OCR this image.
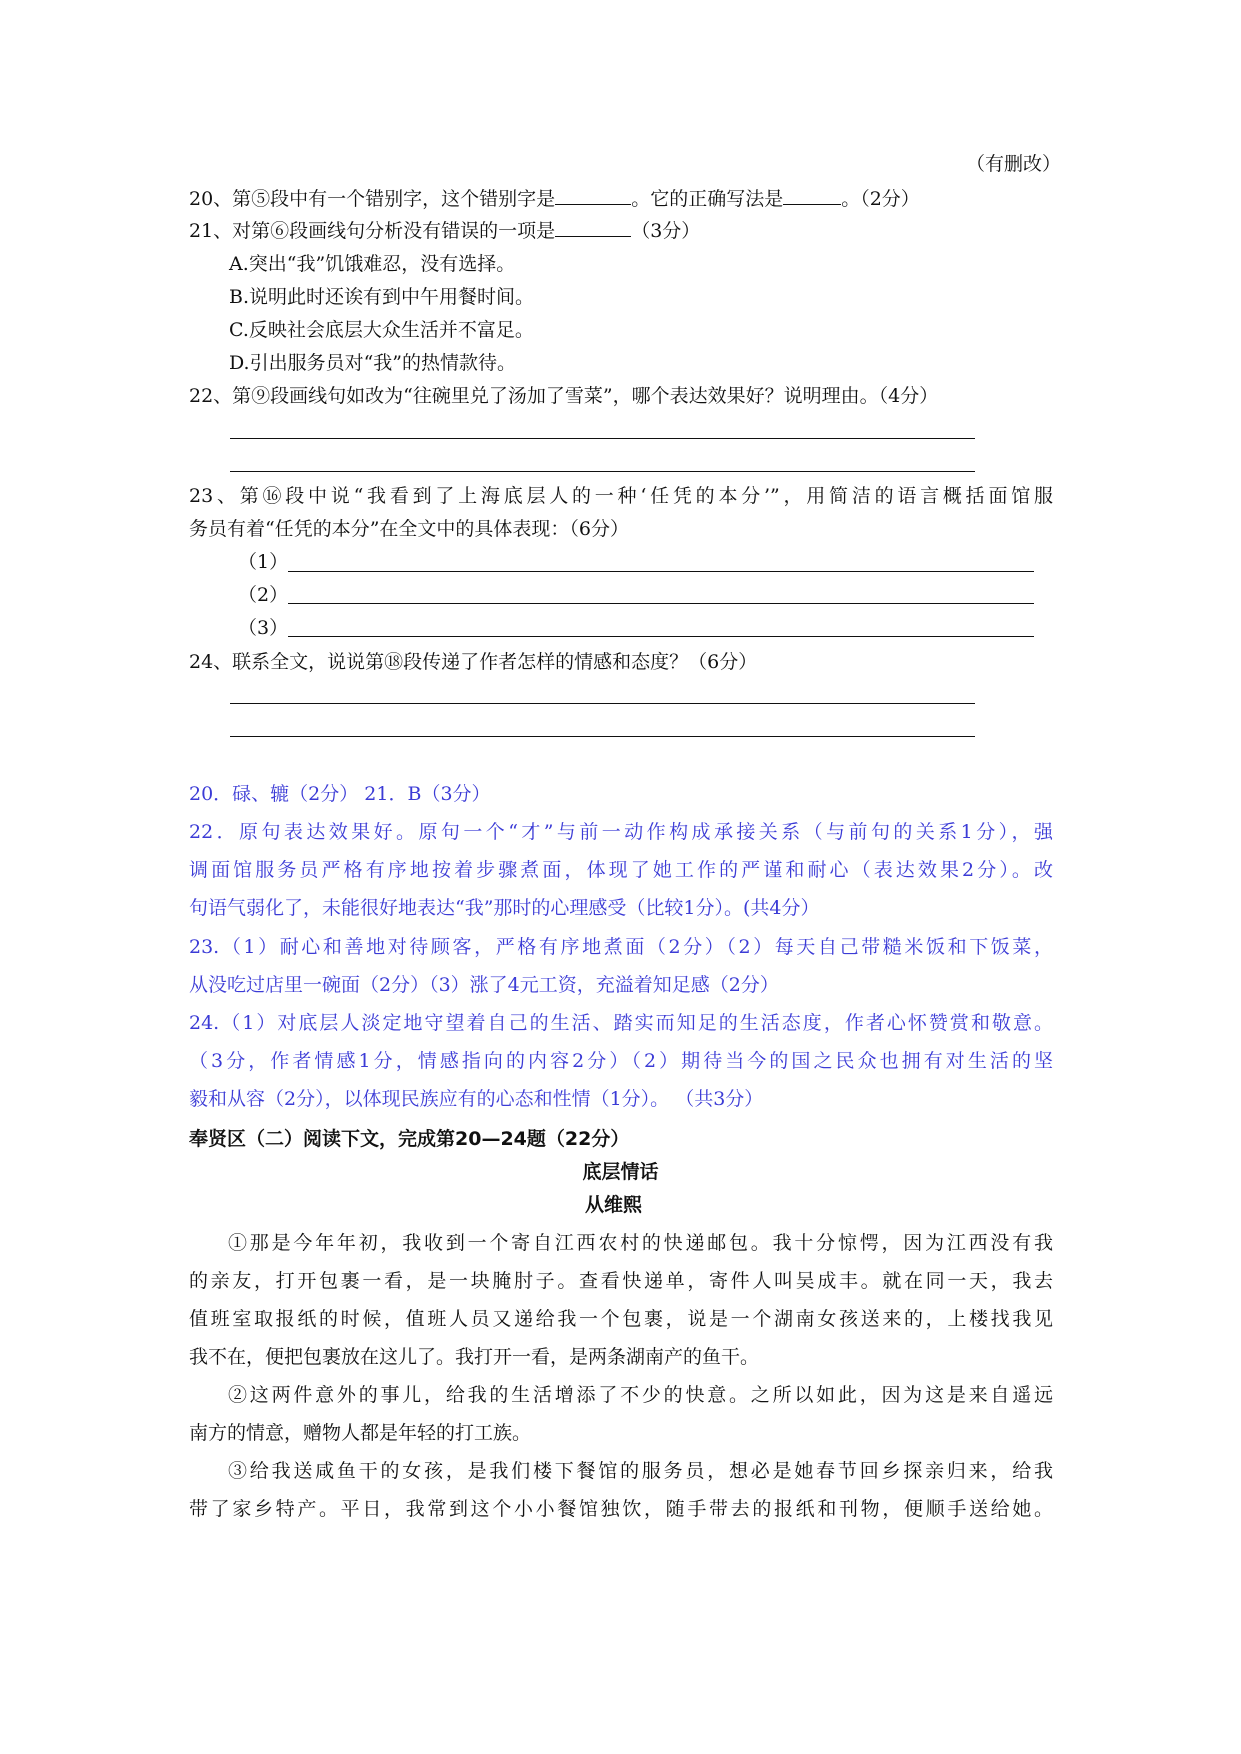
（有删改）
20、第⑤段中有一个错别字，这个错别字是	。它的正确写法是	。（2分）
21、对第⑥段画线句分析没有错误的一项是	（3分）
A.突出“我”饥饿难忍，没有选择。
B.说明此时还诶有到中午用餐时间。
C.反映社会底层大众生活并不富足。
D.引出服务员对“我”的热情款待。
22、第⑨段画线句如改为“往碗里兑了汤加了雪菜”，哪个表达效果好？说明理由。（4分）
23、第⑯段中说“我看到了上海底层人的一种‘任凭的本分’”，用简洁的语言概括面馆服
务员有着“任凭的本分”在全文中的具体表现：（6分）
（1）
（2）
（3）
24、联系全文，说说第⑱段传递了作者怎样的情感和态度？（6分）
20．碌、辘（2分） 21．B（3分）
22．原句表达效果好。原句一个“才”与前一动作构成承接关系（与前句的关系1分），强
调面馆服务员严格有序地按着步骤煮面，体现了她工作的严谨和耐心（表达效果2分）。改
句语气弱化了，未能很好地表达“我”那时的心理感受（比较1分）。(共4分）
23.（1）耐心和善地对待顾客，严格有序地煮面（2分）（2）每天自己带糙米饭和下饭菜，
从没吃过店里一碗面（2分）（3）涨了4元工资，充溢着知足感（2分）
24.（1）对底层人淡定地守望着自己的生活、踏实而知足的生活态度，作者心怀赞赏和敬意。
（3分，作者情感1分，情感指向的内容2分）（2）期待当今的国之民众也拥有对生活的坚
毅和从容（2分），以体现民族应有的心态和性情（1分）。 （共3分）
奉贤区（二）阅读下文，完成第20—24题（22分）
底层情话
从维熙
①那是今年年初，我收到一个寄自江西农村的快递邮包。我十分惊愕，因为江西没有我
的亲友，打开包裹一看，是一块腌肘子。查看快递单，寄件人叫吴成丰。就在同一天，我去
值班室取报纸的时候，值班人员又递给我一个包裹，说是一个湖南女孩送来的，上楼找我见
我不在，便把包裹放在这儿了。我打开一看，是两条湖南产的鱼干。
②这两件意外的事儿，给我的生活增添了不少的快意。之所以如此，因为这是来自遥远
南方的情意，赠物人都是年轻的打工族。
③给我送咸鱼干的女孩，是我们楼下餐馆的服务员，想必是她春节回乡探亲归来，给我
带了家乡特产。平日，我常到这个小小餐馆独饮，随手带去的报纸和刊物，便顺手送给她。
